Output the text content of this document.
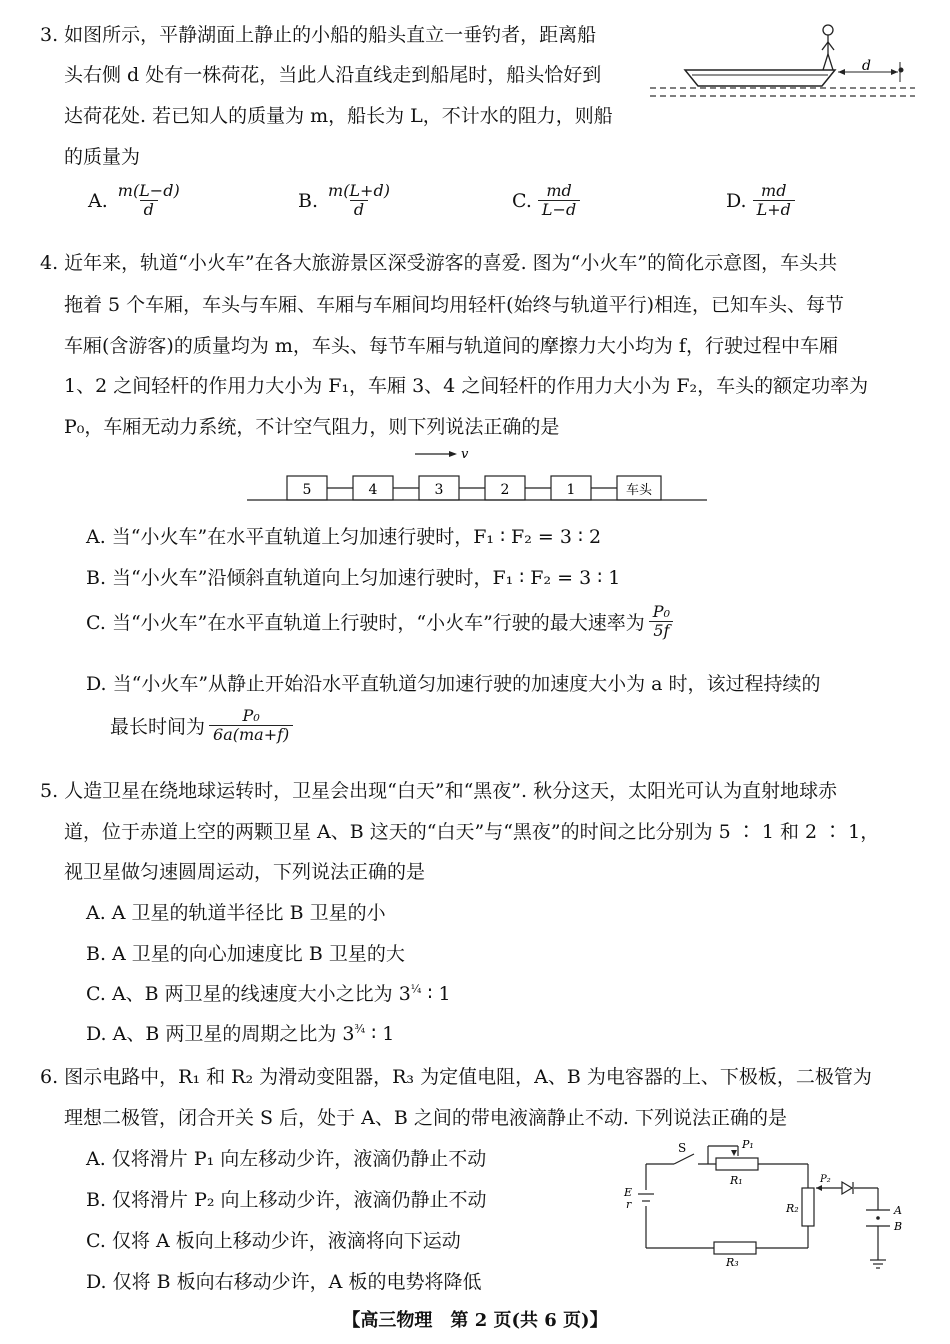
3. 如图所示，平静湖面上静止的小船的船头直立一垂钓者，距离船
头右侧 d 处有一株荷花，当此人沿直线走到船尾时，船头恰好到
达荷花处. 若已知人的质量为 m，船长为 L，不计水的阻力，则船
的质量为
d
A. $\frac{m(L-d)}{d}$	B. $\frac{m(L+d)}{d}$	C. $\frac{md}{L-d}$	D. $\frac{md}{L+d}$
4. 近年来，轨道“小火车”在各大旅游景区深受游客的喜爱. 图为“小火车”的简化示意图，车头共
拖着 5 个车厢，车头与车厢、车厢与车厢间均用轻杆(始终与轨道平行)相连，已知车头、每节
车厢(含游客)的质量均为 m，车头、每节车厢与轨道间的摩擦力大小均为 f，行驶过程中车厢
1、2 之间轻杆的作用力大小为 F₁，车厢 3、4 之间轻杆的作用力大小为 F₂，车头的额定功率为
P₀，车厢无动力系统，不计空气阻力，则下列说法正确的是
v
5	4	3	2	1	车头
A. 当“小火车”在水平直轨道上匀加速行驶时，F₁ ∶ F₂ = 3 ∶ 2
B. 当“小火车”沿倾斜直轨道向上匀加速行驶时，F₁ ∶ F₂ = 3 ∶ 1
C. 当“小火车”在水平直轨道上行驶时，“小火车”行驶的最大速率为 $\frac{\text{P₀}}{5f}$
D. 当“小火车”从静止开始沿水平直轨道匀加速行驶的加速度大小为 a 时，该过程持续的
最长时间为 $\frac{\text{P₀}}{6a(ma+f)}$
5. 人造卫星在绕地球运转时，卫星会出现“白天”和“黑夜”. 秋分这天，太阳光可认为直射地球赤
道，位于赤道上空的两颗卫星 A、B 这天的“白天”与“黑夜”的时间之比分别为 5 ∶ 1 和 2 ∶ 1，
视卫星做匀速圆周运动，下列说法正确的是
A. A 卫星的轨道半径比 B 卫星的小
B. A 卫星的向心加速度比 B 卫星的大
C. A、B 两卫星的线速度大小之比为 $3^{\frac{1}{4}}$ ∶ 1
D. A、B 两卫星的周期之比为 $3^{\frac{3}{4}}$ ∶ 1
6. 图示电路中，R₁ 和 R₂ 为滑动变阻器，R₃ 为定值电阻，A、B 为电容器的上、下极板，二极管为
理想二极管，闭合开关 S 后，处于 A、B 之间的带电液滴静止不动. 下列说法正确的是
A. 仅将滑片 P₁ 向左移动少许，液滴仍静止不动
B. 仅将滑片 P₂ 向上移动少许，液滴仍静止不动
C. 仅将 A 板向上移动少许，液滴将向下运动
D. 仅将 B 板向右移动少许，A 板的电势将降低
S	P₁
R₁
R₂
P₂
R₃
E
r	A
B
【高三物理　第 2 页(共 6 页)】
